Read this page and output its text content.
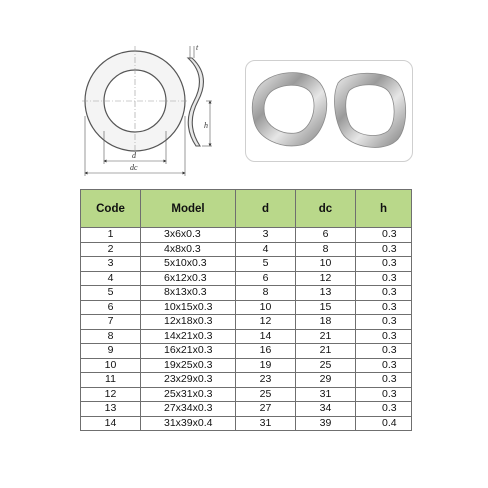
t
h
d
dc
Code	Model	d	dc	h
1	3x6x0.3	3	6	0.3
2	4x8x0.3	4	8	0.3
3	5x10x0.3	5	10	0.3
4	6x12x0.3	6	12	0.3
5	8x13x0.3	8	13	0.3
6	10x15x0.3	10	15	0.3
7	12x18x0.3	12	18	0.3
8	14x21x0.3	14	21	0.3
9	16x21x0.3	16	21	0.3
10	19x25x0.3	19	25	0.3
11	23x29x0.3	23	29	0.3
12	25x31x0.3	25	31	0.3
13	27x34x0.3	27	34	0.3
14	31x39x0.4	31	39	0.4
